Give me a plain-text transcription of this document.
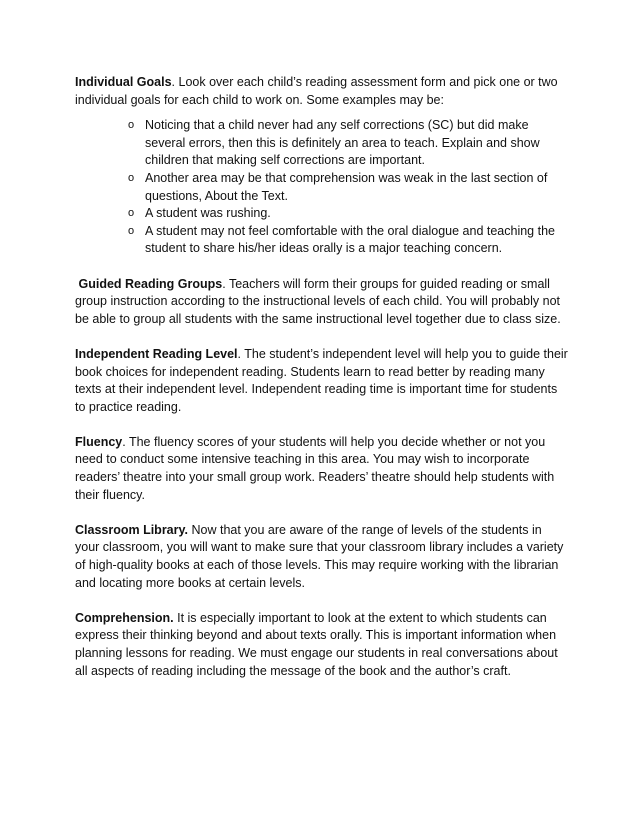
Individual Goals. Look over each child’s reading assessment form and pick one or two individual goals for each child to work on. Some examples may be:

o Noticing that a child never had any self corrections (SC) but did make several errors, then this is definitely an area to teach. Explain and show children that making self corrections are important.
o Another area may be that comprehension was weak in the last section of questions, About the Text.
o A student was rushing.
o A student may not feel comfortable with the oral dialogue and teaching the student to share his/her ideas orally is a major teaching concern.

Guided Reading Groups. Teachers will form their groups for guided reading or small group instruction according to the instructional levels of each child. You will probably not be able to group all students with the same instructional level together due to class size.

Independent Reading Level. The student’s independent level will help you to guide their book choices for independent reading. Students learn to read better by reading many texts at their independent level. Independent reading time is important time for students to practice reading.

Fluency. The fluency scores of your students will help you decide whether or not you need to conduct some intensive teaching in this area. You may wish to incorporate readers’ theatre into your small group work. Readers’ theatre should help students with their fluency.

Classroom Library. Now that you are aware of the range of levels of the students in your classroom, you will want to make sure that your classroom library includes a variety of high-quality books at each of those levels. This may require working with the librarian and locating more books at certain levels.

Comprehension. It is especially important to look at the extent to which students can express their thinking beyond and about texts orally. This is important information when planning lessons for reading. We must engage our students in real conversations about all aspects of reading including the message of the book and the author’s craft.
